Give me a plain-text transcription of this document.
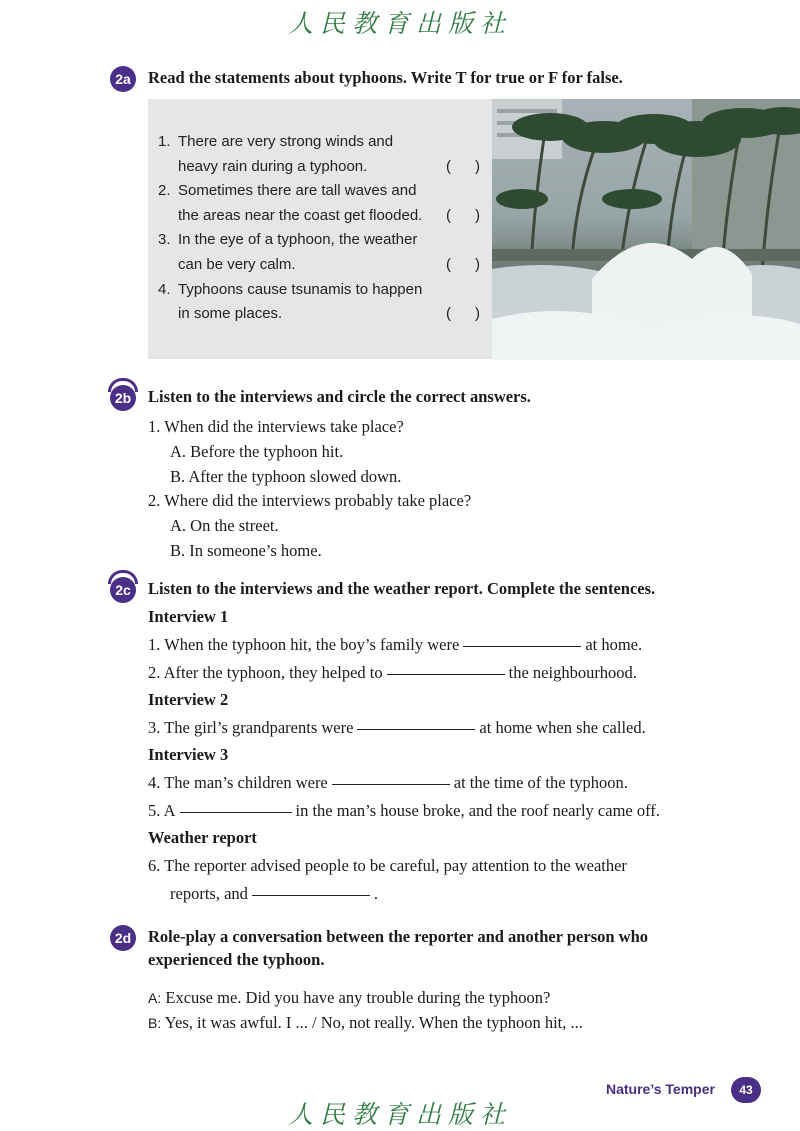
人民教育出版社
2a	Read the statements about typhoons. Write T for true or F for false.
1. There are very strong winds and
heavy rain during a typhoon.	( )
2. Sometimes there are tall waves and
the areas near the coast get flooded. ( )
3. In the eye of a typhoon, the weather
can be very calm.	( )
4. Typhoons cause tsunamis to happen
in some places.	( )
2b Listen to the interviews and circle the correct answers.
1. When did the interviews take place?
A. Before the typhoon hit.
B. After the typhoon slowed down.
2. Where did the interviews probably take place?
A. On the street.
B. In someone’s home.
2c	Listen to the interviews and the weather report. Complete the sentences.
Interview 1
1. When the typhoon hit, the boy’s family were	at home.
2. After the typhoon, they helped to	the neighbourhood.
Interview 2
3. The girl’s grandparents were	at home when she called.
Interview 3
4. The man’s children were	at the time of the typhoon.
5. A	in the man’s house broke, and the roof nearly came off.
Weather report
6. The reporter advised people to be careful, pay attention to the weather
reports, and	.
2d Role-play a conversation between the reporter and another person who
experienced the typhoon.
A: Excuse me. Did you have any trouble during the typhoon?
B: Yes, it was awful. I ... / No, not really. When the typhoon hit, ...
Nature’s Temper	43
人民教育出版社
